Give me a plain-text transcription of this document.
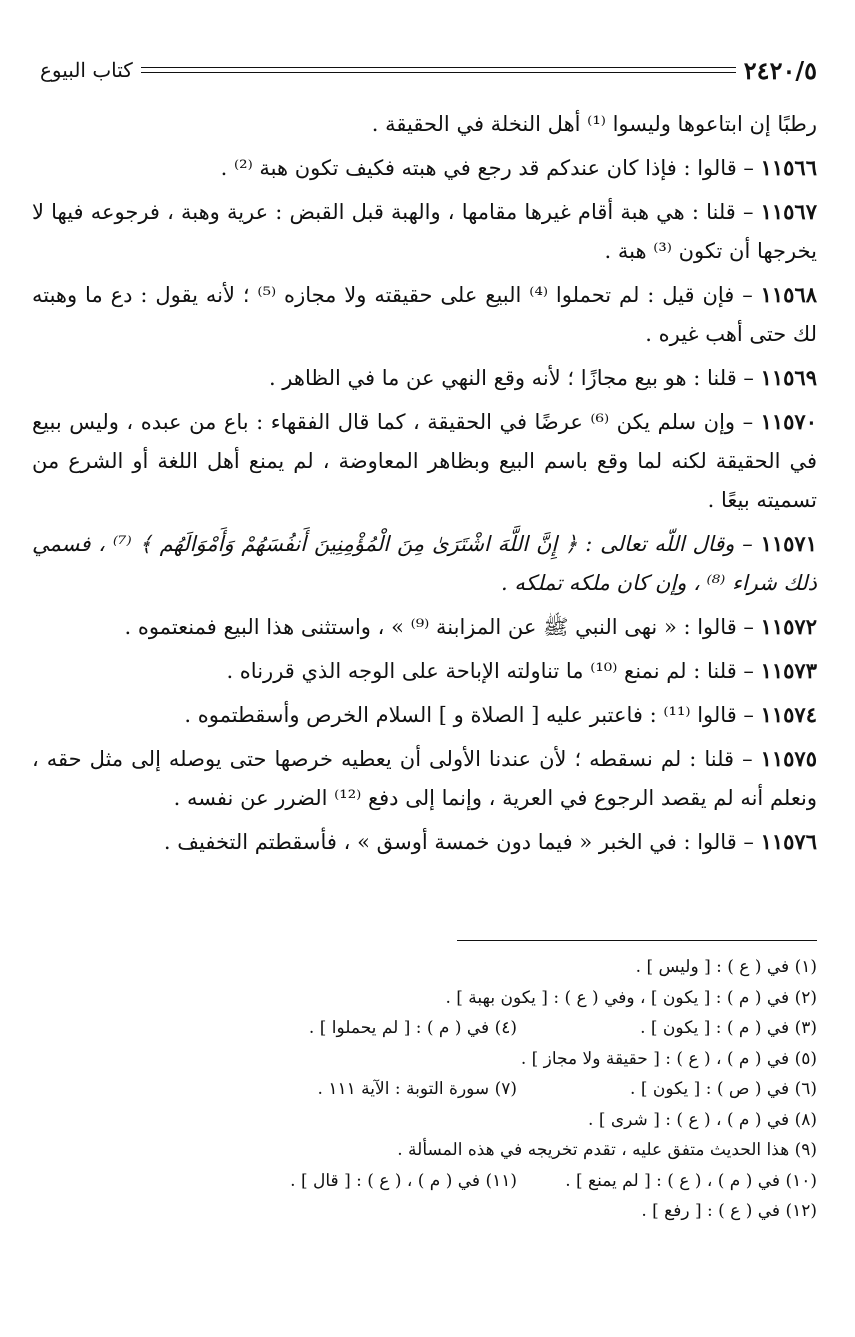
٢٤٢٠/٥
كتاب البيوع

رطبًا إن ابتاعوها وليسوا ⁽¹⁾ أهل النخلة في الحقيقة .

١١٥٦٦ – قالوا : فإذا كان عندكم قد رجع في هبته فكيف تكون هبة ⁽²⁾ .

١١٥٦٧ – قلنا : هي هبة أقام غيرها مقامها ، والهبة قبل القبض : عرية وهبة ، فرجوعه فيها لا يخرجها أن تكون ⁽³⁾ هبة .

١١٥٦٨ – فإن قيل : لم تحملوا ⁽⁴⁾ البيع على حقيقته ولا مجازه ⁽⁵⁾ ؛ لأنه يقول : دع ما وهبته لك حتى أهب غيره .

١١٥٦٩ – قلنا : هو بيع مجازًا ؛ لأنه وقع النهي عن ما في الظاهر .

١١٥٧٠ – وإن سلم يكن ⁽⁶⁾ عرضًا في الحقيقة ، كما قال الفقهاء : باع من عبده ، وليس ببيع في الحقيقة لكنه لما وقع باسم البيع وبظاهر المعاوضة ، لم يمنع أهل اللغة أو الشرع من تسميته بيعًا .

١١٥٧١ – وقال اللّه تعالى : ﴿ إِنَّ اللَّهَ اشْتَرَىٰ مِنَ الْمُؤْمِنِينَ أَنفُسَهُمْ وَأَمْوَالَهُم ﴾ ⁽⁷⁾ ، فسمي ذلك شراء ⁽⁸⁾ ، وإن كان ملكه تملكه .

١١٥٧٢ – قالوا : « نهى النبي ﷺ عن المزابنة ⁽⁹⁾ » ، واستثنى هذا البيع فمنعتموه .

١١٥٧٣ – قلنا : لم نمنع ⁽¹⁰⁾ ما تناولته الإباحة على الوجه الذي قررناه .

١١٥٧٤ – قالوا ⁽¹¹⁾ : فاعتبر عليه [ الصلاة و ] السلام الخرص وأسقطتموه .

١١٥٧٥ – قلنا : لم نسقطه ؛ لأن عندنا الأولى أن يعطيه خرصها حتى يوصله إلى مثل حقه ، ونعلم أنه لم يقصد الرجوع في العرية ، وإنما إلى دفع ⁽¹²⁾ الضرر عن نفسه .

١١٥٧٦ – قالوا : في الخبر « فيما دون خمسة أوسق » ، فأسقطتم التخفيف .

(١) في ( ع ) : [ وليس ] .
(٢) في ( م ) : [ يكون ] ، وفي ( ع ) : [ يكون بهبة ] .
(٣) في ( م ) : [ يكون ] .
(٤) في ( م ) : [ لم يحملوا ] .
(٥) في ( م ) ، ( ع ) : [ حقيقة ولا مجاز ] .
(٦) في ( ص ) : [ يكون ] .
(٧) سورة التوبة : الآية ١١١ .
(٨) في ( م ) ، ( ع ) : [ شرى ] .
(٩) هذا الحديث متفق عليه ، تقدم تخريجه في هذه المسألة .
(١٠) في ( م ) ، ( ع ) : [ لم يمنع ] .
(١١) في ( م ) ، ( ع ) : [ قال ] .
(١٢) في ( ع ) : [ رفع ] .
